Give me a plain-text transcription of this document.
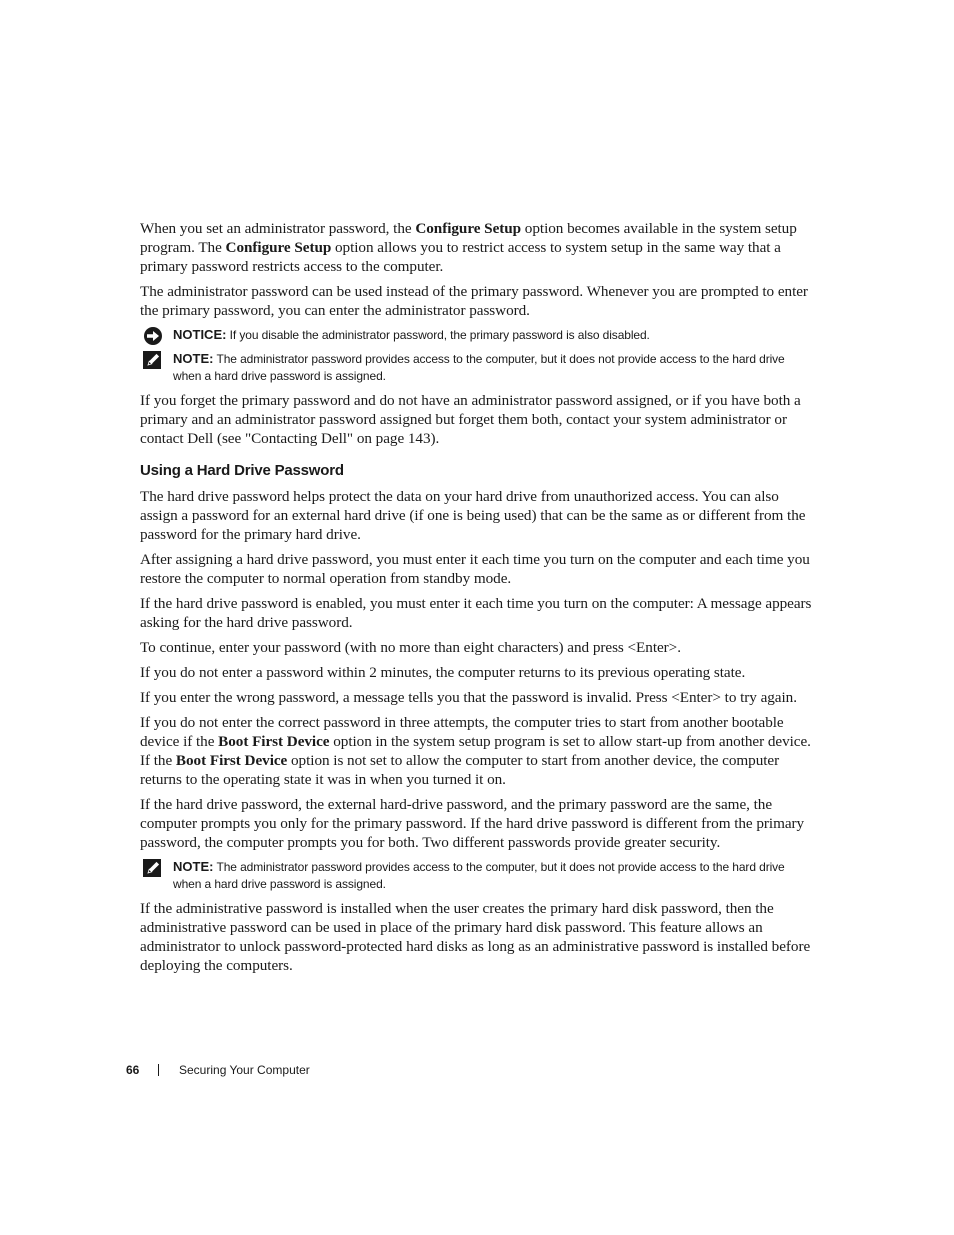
When you set an administrator password, the Configure Setup option becomes available in the system setup program. The Configure Setup option allows you to restrict access to system setup in the same way that a primary password restricts access to the computer.

The administrator password can be used instead of the primary password. Whenever you are prompted to enter the primary password, you can enter the administrator password.

NOTICE: If you disable the administrator password, the primary password is also disabled.
NOTE: The administrator password provides access to the computer, but it does not provide access to the hard drive when a hard drive password is assigned.

If you forget the primary password and do not have an administrator password assigned, or if you have both a primary and an administrator password assigned but forget them both, contact your system administrator or contact Dell (see "Contacting Dell" on page 143).

Using a Hard Drive Password

The hard drive password helps protect the data on your hard drive from unauthorized access. You can also assign a password for an external hard drive (if one is being used) that can be the same as or different from the password for the primary hard drive.

After assigning a hard drive password, you must enter it each time you turn on the computer and each time you restore the computer to normal operation from standby mode.

If the hard drive password is enabled, you must enter it each time you turn on the computer: A message appears asking for the hard drive password.

To continue, enter your password (with no more than eight characters) and press <Enter>.

If you do not enter a password within 2 minutes, the computer returns to its previous operating state.

If you enter the wrong password, a message tells you that the password is invalid. Press <Enter> to try again.

If you do not enter the correct password in three attempts, the computer tries to start from another bootable device if the Boot First Device option in the system setup program is set to allow start-up from another device. If the Boot First Device option is not set to allow the computer to start from another device, the computer returns to the operating state it was in when you turned it on.

If the hard drive password, the external hard-drive password, and the primary password are the same, the computer prompts you only for the primary password. If the hard drive password is different from the primary password, the computer prompts you for both. Two different passwords provide greater security.

NOTE: The administrator password provides access to the computer, but it does not provide access to the hard drive when a hard drive password is assigned.

If the administrative password is installed when the user creates the primary hard disk password, then the administrative password can be used in place of the primary hard disk password. This feature allows an administrator to unlock password-protected hard disks as long as an administrative password is installed before deploying the computers.

66	Securing Your Computer
